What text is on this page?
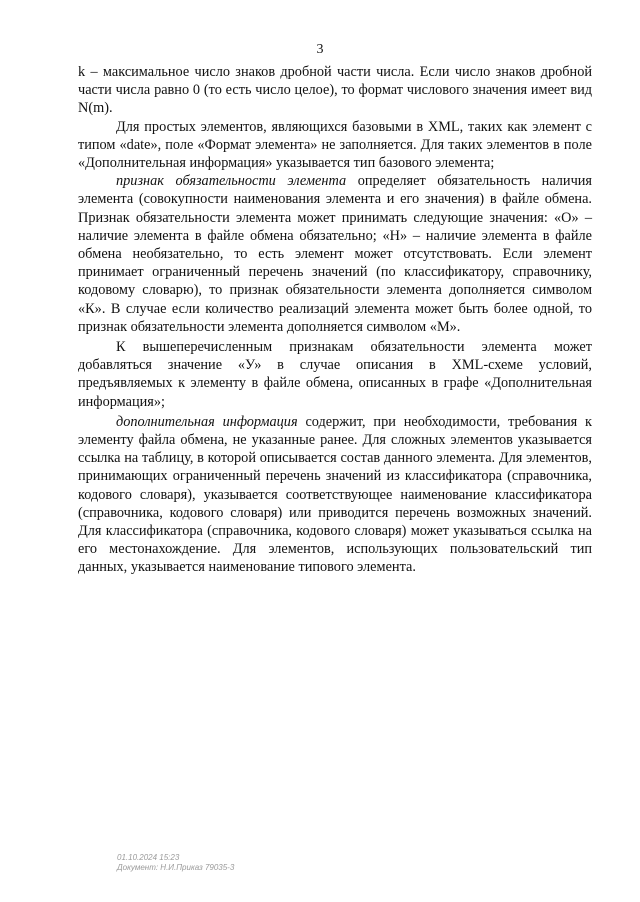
3

k – максимальное число знаков дробной части числа. Если число знаков дробной части числа равно 0 (то есть число целое), то формат числового значения имеет вид N(m).

Для простых элементов, являющихся базовыми в XML, таких как элемент с типом «date», поле «Формат элемента» не заполняется. Для таких элементов в поле «Дополнительная информация» указывается тип базового элемента;

признак обязательности элемента определяет обязательность наличия элемента (совокупности наименования элемента и его значения) в файле обмена. Признак обязательности элемента может принимать следующие значения: «О» – наличие элемента в файле обмена обязательно; «Н» – наличие элемента в файле обмена необязательно, то есть элемент может отсутствовать. Если элемент принимает ограниченный перечень значений (по классификатору, справочнику, кодовому словарю), то признак обязательности элемента дополняется символом «К». В случае если количество реализаций элемента может быть более одной, то признак обязательности элемента дополняется символом «М».

К вышеперечисленным признакам обязательности элемента может добавляться значение «У» в случае описания в XML-схеме условий, предъявляемых к элементу в файле обмена, описанных в графе «Дополнительная информация»;

дополнительная информация содержит, при необходимости, требования к элементу файла обмена, не указанные ранее. Для сложных элементов указывается ссылка на таблицу, в которой описывается состав данного элемента. Для элементов, принимающих ограниченный перечень значений из классификатора (справочника, кодового словаря), указывается соответствующее наименование классификатора (справочника, кодового словаря) или приводится перечень возможных значений. Для классификатора (справочника, кодового словаря) может указываться ссылка на его местонахождение. Для элементов, использующих пользовательский тип данных, указывается наименование типового элемента.

01.10.2024 15:23
Документ: Н.И.Приказ 79035-3
